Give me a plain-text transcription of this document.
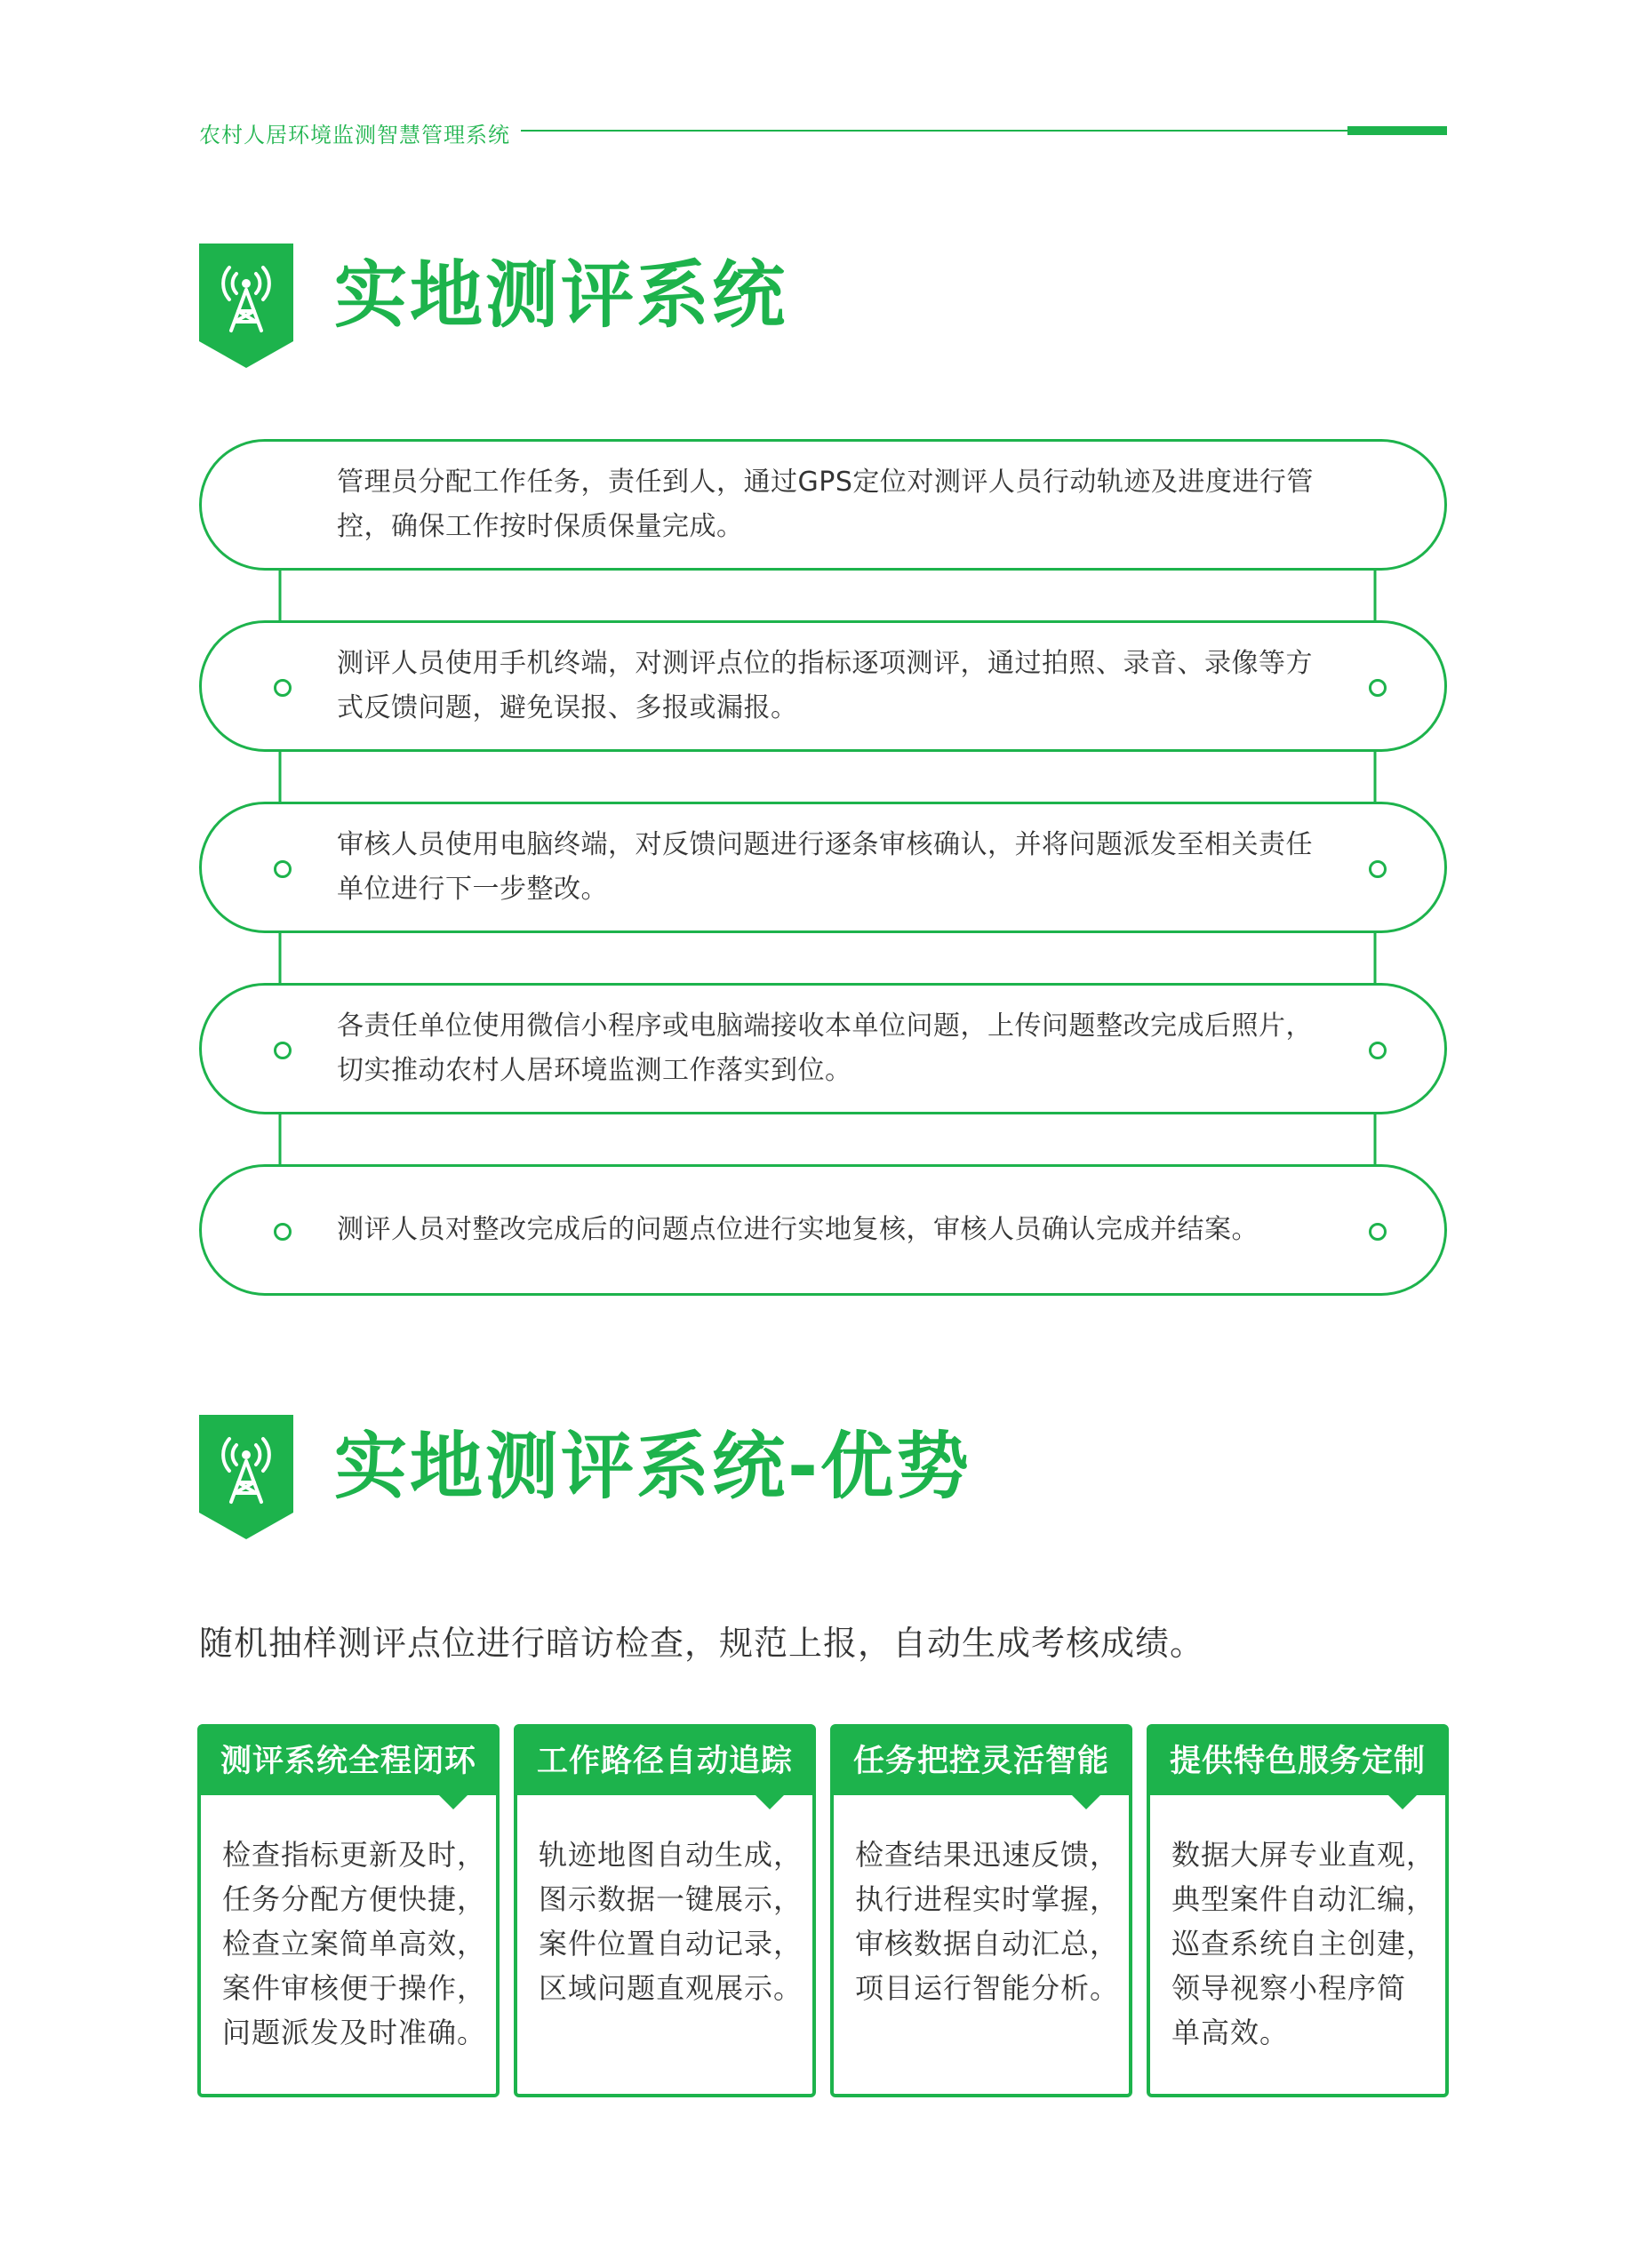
农村人居环境监测智慧管理系统
实地测评系统
管理员分配工作任务，责任到人，通过GPS定位对测评人员行动轨迹及进度进行管控，确保工作按时保质保量完成。
测评人员使用手机终端，对测评点位的指标逐项测评，通过拍照、录音、录像等方式反馈问题，避免误报、多报或漏报。
审核人员使用电脑终端，对反馈问题进行逐条审核确认，并将问题派发至相关责任单位进行下一步整改。
各责任单位使用微信小程序或电脑端接收本单位问题，上传问题整改完成后照片，切实推动农村人居环境监测工作落实到位。
测评人员对整改完成后的问题点位进行实地复核，审核人员确认完成并结案。
实地测评系统-优势
随机抽样测评点位进行暗访检查，规范上报，自动生成考核成绩。
测评系统全程闭环
检查指标更新及时，
任务分配方便快捷，
检查立案简单高效，
案件审核便于操作，
问题派发及时准确。
工作路径自动追踪
轨迹地图自动生成，
图示数据一键展示，
案件位置自动记录，
区域问题直观展示。
任务把控灵活智能
检查结果迅速反馈，
执行进程实时掌握，
审核数据自动汇总，
项目运行智能分析。
提供特色服务定制
数据大屏专业直观，
典型案件自动汇编，
巡查系统自主创建，
领导视察小程序简
单高效。
